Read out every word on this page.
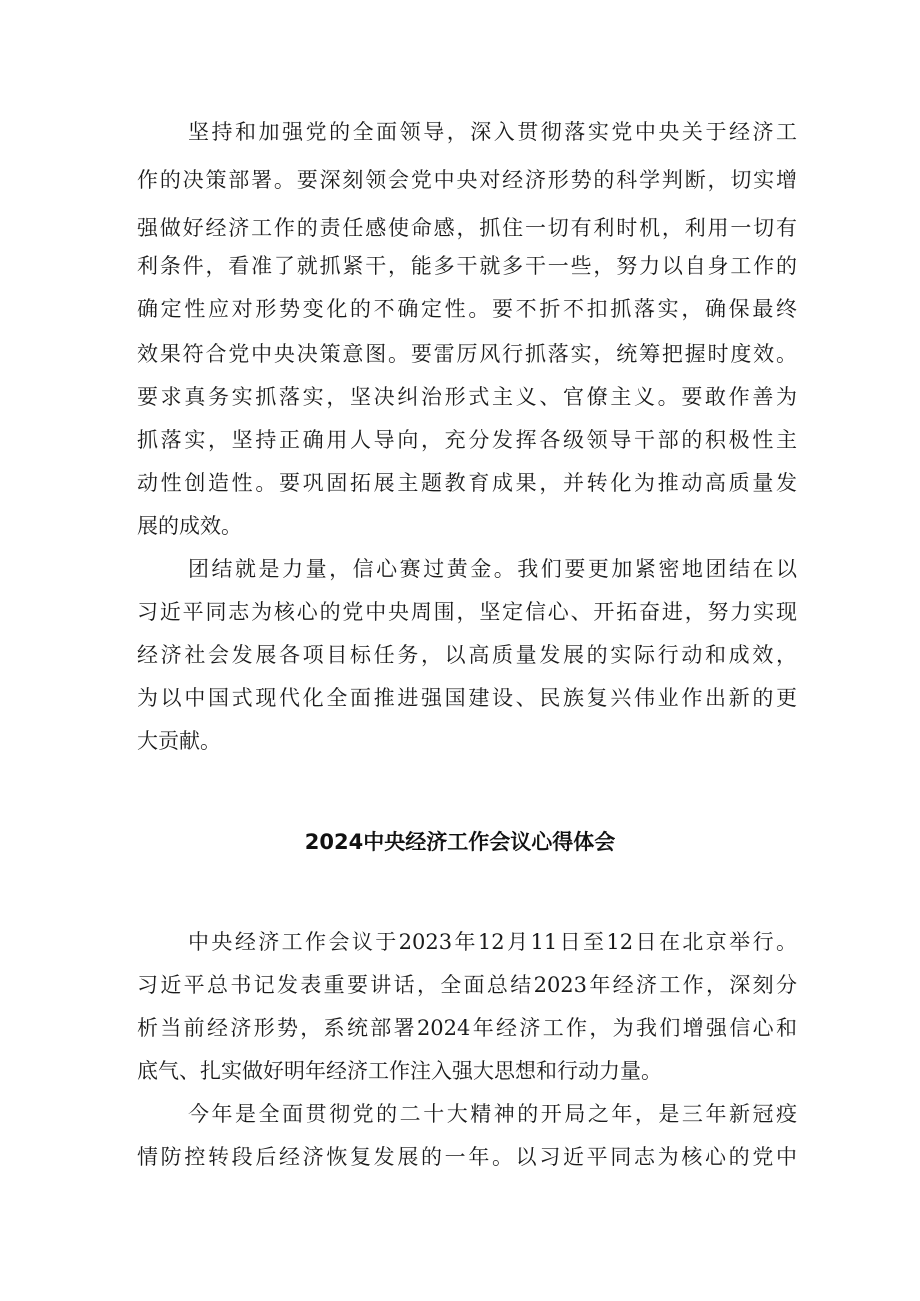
坚持和加强党的全面领导，深入贯彻落实党中央关于经济工
作的决策部署。要深刻领会党中央对经济形势的科学判断，切实增
强做好经济工作的责任感使命感，抓住一切有利时机，利用一切有
利条件，看准了就抓紧干，能多干就多干一些，努力以自身工作的
确定性应对形势变化的不确定性。要不折不扣抓落实，确保最终
效果符合党中央决策意图。要雷厉风行抓落实，统筹把握时度效。
要求真务实抓落实，坚决纠治形式主义、官僚主义。要敢作善为
抓落实，坚持正确用人导向，充分发挥各级领导干部的积极性主
动性创造性。要巩固拓展主题教育成果，并转化为推动高质量发
展的成效。
团结就是力量，信心赛过黄金。我们要更加紧密地团结在以
习近平同志为核心的党中央周围，坚定信心、开拓奋进，努力实现
经济社会发展各项目标任务，以高质量发展的实际行动和成效，
为以中国式现代化全面推进强国建设、民族复兴伟业作出新的更
大贡献。
2024中央经济工作会议心得体会
中央经济工作会议于2023年12月11日至12日在北京举行。
习近平总书记发表重要讲话，全面总结2023年经济工作，深刻分
析当前经济形势，系统部署2024年经济工作，为我们增强信心和
底气、扎实做好明年经济工作注入强大思想和行动力量。
今年是全面贯彻党的二十大精神的开局之年，是三年新冠疫
情防控转段后经济恢复发展的一年。以习近平同志为核心的党中
